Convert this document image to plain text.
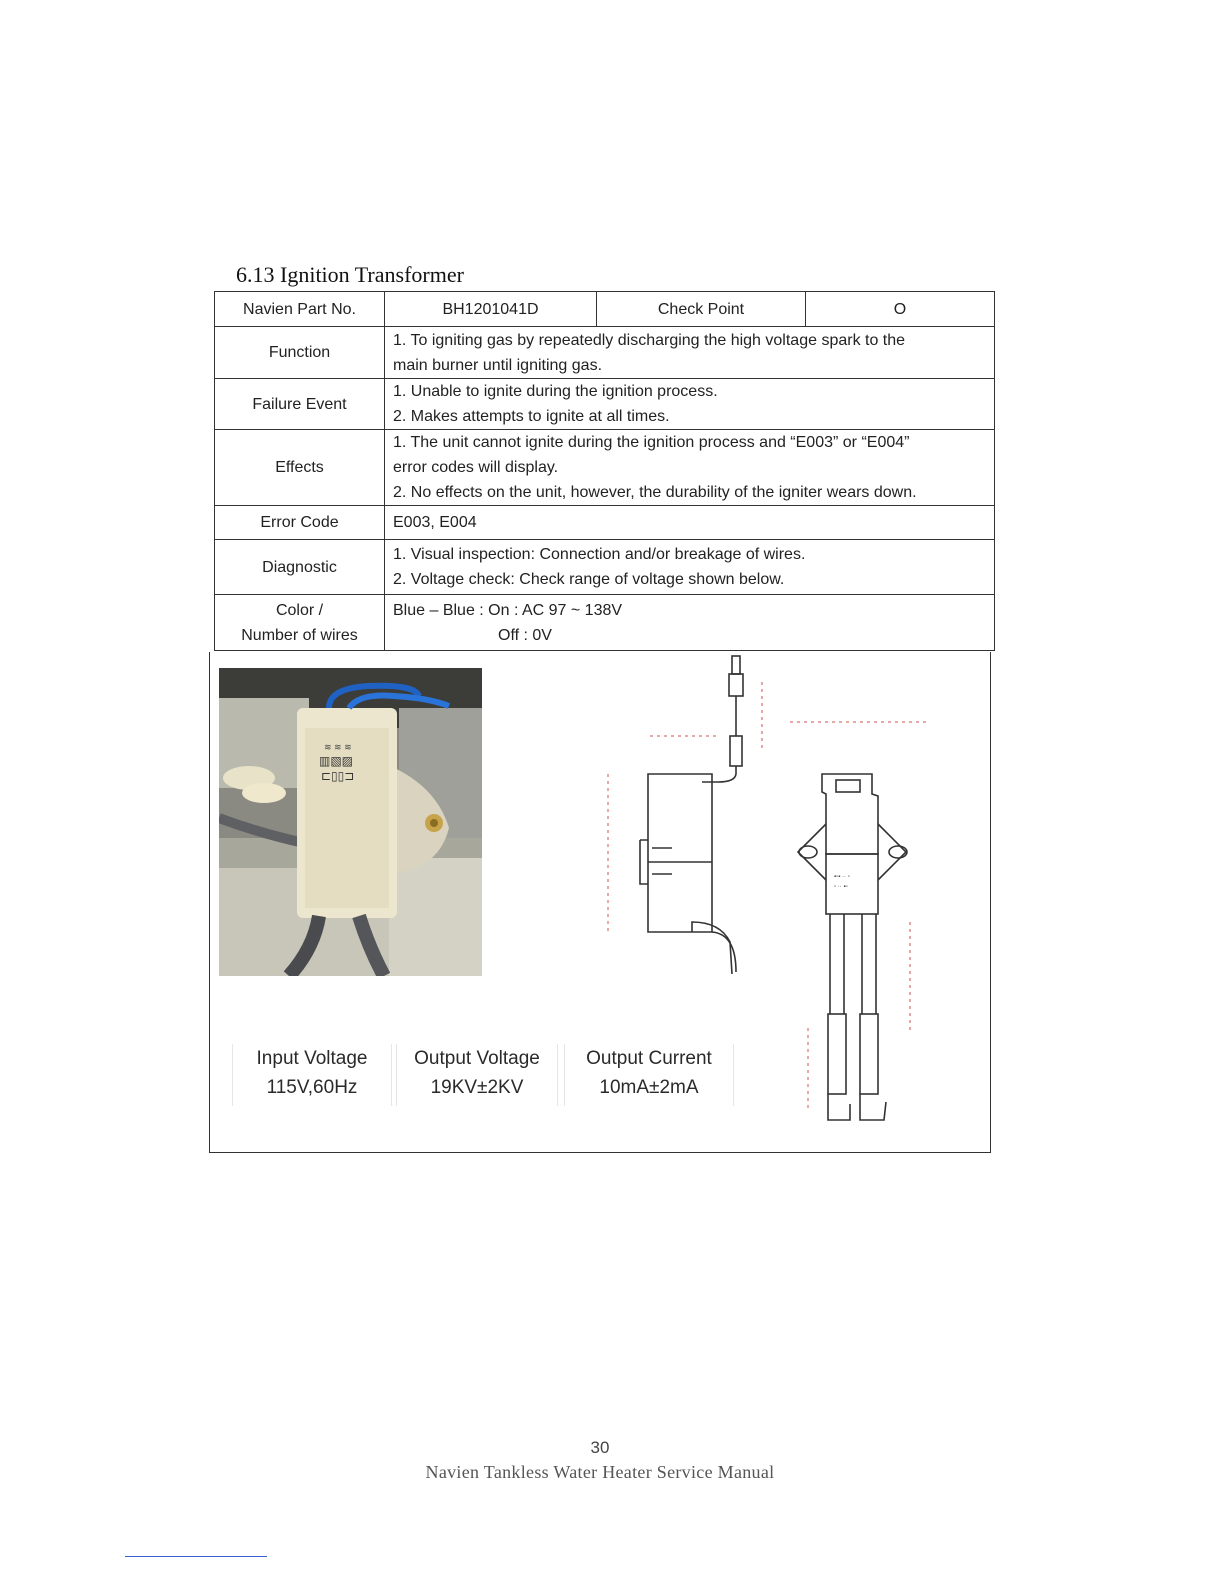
6.13 Ignition Transformer
Navien Part No.	BH1201041D	Check Point	O
Function	1. To igniting gas by repeatedly discharging the high voltage spark to the
main burner until igniting gas.		

Failure Event	1. Unable to ignite during the ignition process.
2. Makes attempts to ignite at all times.		

Effects	1. The unit cannot ignite during the ignition process and “E003” or “E004”
error codes will display.
2. No effects on the unit, however, the durability of the igniter wears down.		

Error Code	E003, E004		
Diagnostic	1. Visual inspection: Connection and/or breakage of wires.
2. Voltage check: Check range of voltage shown below.		

Color /
Number of wires	Blue – Blue : On : AC 97 ~ 138V
Off : 0V		
≋ ≋ ≋
▥▧▨
⊏▯▯⊐
▪▫▪ ·· ▫
▫ ·· ▪▫
Input Voltage
115V,60Hz
Output Voltage
19KV±2KV
Output Current
10mA±2mA
30
Navien Tankless Water Heater Service Manual
